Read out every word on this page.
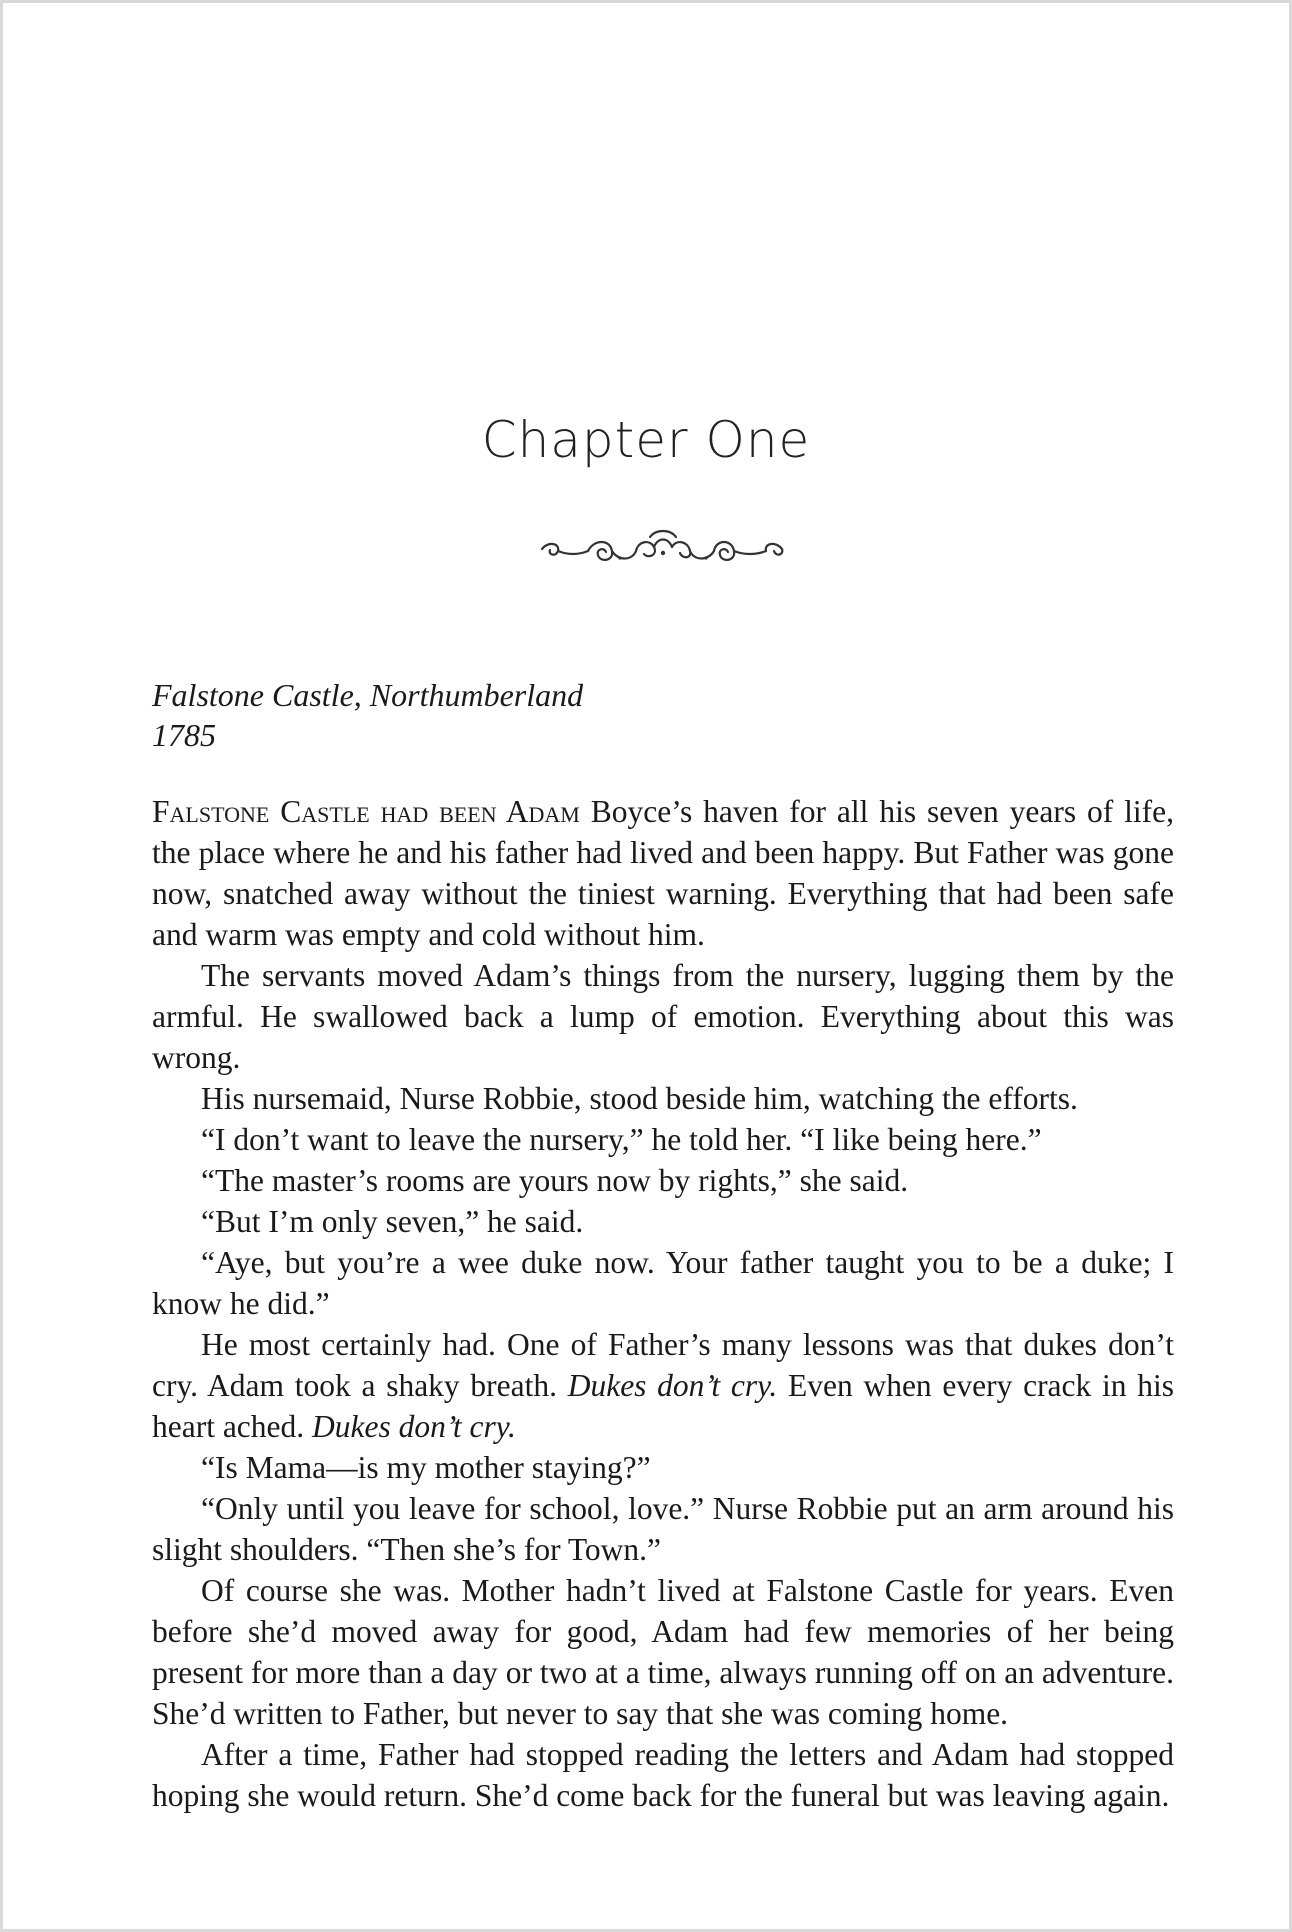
Chapter One
Falstone Castle, Northumberland
1785

Falstone Castle had been Adam Boyce’s haven for all his seven years of life, the place where he and his father had lived and been happy. But Father was gone now, snatched away without the tiniest warning. Everything that had been safe and warm was empty and cold without him.

The servants moved Adam’s things from the nursery, lugging them by the armful. He swallowed back a lump of emotion. Everything about this was wrong.

His nursemaid, Nurse Robbie, stood beside him, watching the efforts.

“I don’t want to leave the nursery,” he told her. “I like being here.”

“The master’s rooms are yours now by rights,” she said.

“But I’m only seven,” he said.

“Aye, but you’re a wee duke now. Your father taught you to be a duke; I know he did.”

He most certainly had. One of Father’s many lessons was that dukes don’t cry. Adam took a shaky breath. Dukes don’t cry. Even when every crack in his heart ached. Dukes don’t cry.

“Is Mama—is my mother staying?”

“Only until you leave for school, love.” Nurse Robbie put an arm around his slight shoulders. “Then she’s for Town.”

Of course she was. Mother hadn’t lived at Falstone Castle for years. Even before she’d moved away for good, Adam had few memories of her being present for more than a day or two at a time, always running off on an adventure. She’d written to Father, but never to say that she was coming home.

After a time, Father had stopped reading the letters and Adam had stopped hoping she would return. She’d come back for the funeral but was leaving again.
